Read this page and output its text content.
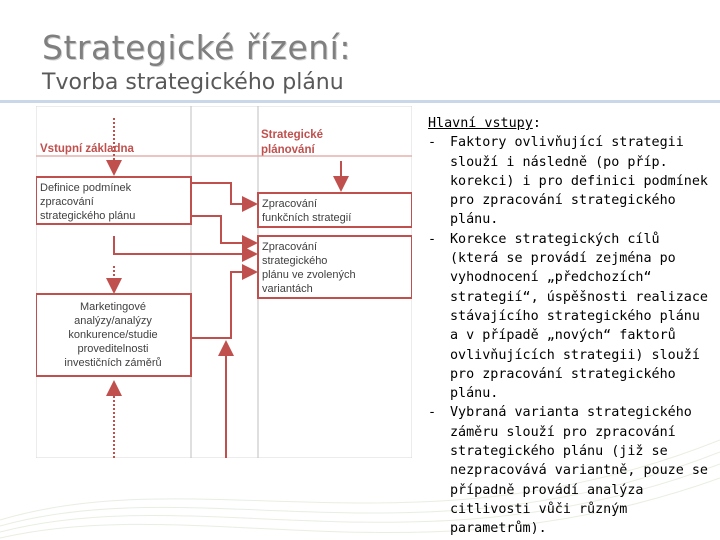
Strategické řízení:
Tvorba strategického plánu
Vstupní základna
Strategické
plánování
Definice podmínek
zpracování
strategického plánu
Zpracování
funkčních strategií
Zpracování
strategického
plánu ve zvolených
variantách
Marketingové
analýzy/analýzy
konkurence/studie
proveditelnosti
investičních záměrů
Hlavní vstupy:
-	Faktory ovlivňující strategii slouží i následně (po příp. korekci) i pro definici podmínek pro zpracování strategického plánu.
-	Korekce strategických cílů (která se provádí zejména po vyhodnocení „předchozích“ strategií“, úspěšnosti realizace stávajícího strategického plánu a v případě „nových“ faktorů ovlivňujících strategii) slouží pro zpracování strategického plánu.
-	Vybraná varianta strategického záměru slouží pro zpracování strategického plánu (již se nezpracovává variantně, pouze se případně provádí analýza citlivosti vůči různým parametrům).
